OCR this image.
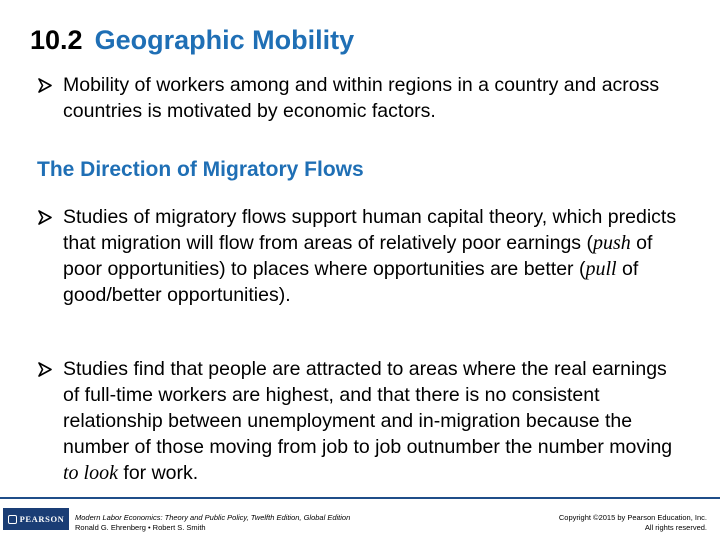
10.2 Geographic Mobility
Mobility of workers among and within regions in a country and across countries is motivated by economic factors.
The Direction of Migratory Flows
Studies of migratory flows support human capital theory, which predicts that migration will flow from areas of relatively poor earnings (push of poor opportunities) to places where opportunities are better (pull of good/better opportunities).
Studies find that people are attracted to areas where the real earnings of full-time workers are highest, and that there is no consistent relationship between unemployment and in-migration because the number of those moving from job to job outnumber the number moving to look for work.
PEARSON Modern Labor Economics: Theory and Public Policy, Twelfth Edition, Global Edition
Ronald G. Ehrenberg • Robert S. Smith
Copyright ©2015 by Pearson Education, Inc.
All rights reserved.
